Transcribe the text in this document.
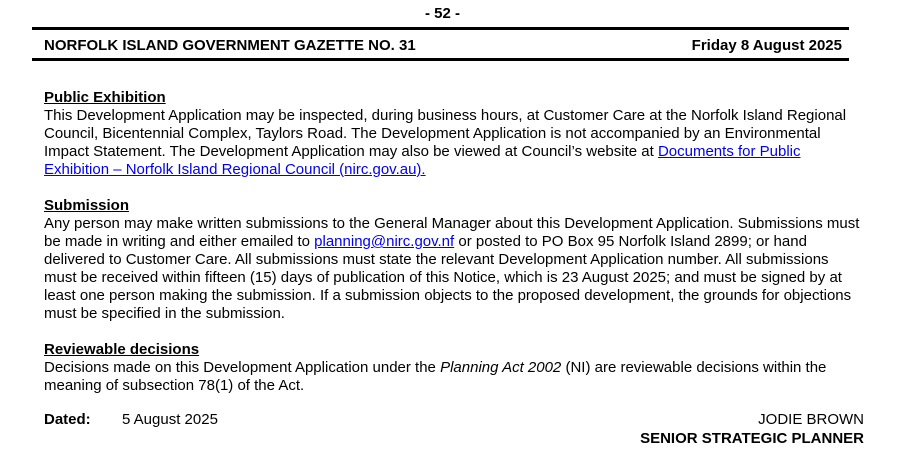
- 52 -
NORFOLK ISLAND GOVERNMENT GAZETTE NO. 31	Friday 8 August 2025

Public Exhibition

This Development Application may be inspected, during business hours, at Customer Care at the Norfolk Island Regional Council, Bicentennial Complex, Taylors Road. The Development Application is not accompanied by an Environmental Impact Statement. The Development Application may also be viewed at Council’s website at Documents for Public Exhibition – Norfolk Island Regional Council (nirc.gov.au).

Submission

Any person may make written submissions to the General Manager about this Development Application. Submissions must be made in writing and either emailed to planning@nirc.gov.nf or posted to PO Box 95 Norfolk Island 2899; or hand delivered to Customer Care. All submissions must state the relevant Development Application number. All submissions must be received within fifteen (15) days of publication of this Notice, which is 23 August 2025; and must be signed by at least one person making the submission. If a submission objects to the proposed development, the grounds for objections must be specified in the submission.

Reviewable decisions

Decisions made on this Development Application under the Planning Act 2002 (NI) are reviewable decisions within the meaning of subsection 78(1) of the Act.

Dated: 5 August 2025	JODIE BROWN
SENIOR STRATEGIC PLANNER
